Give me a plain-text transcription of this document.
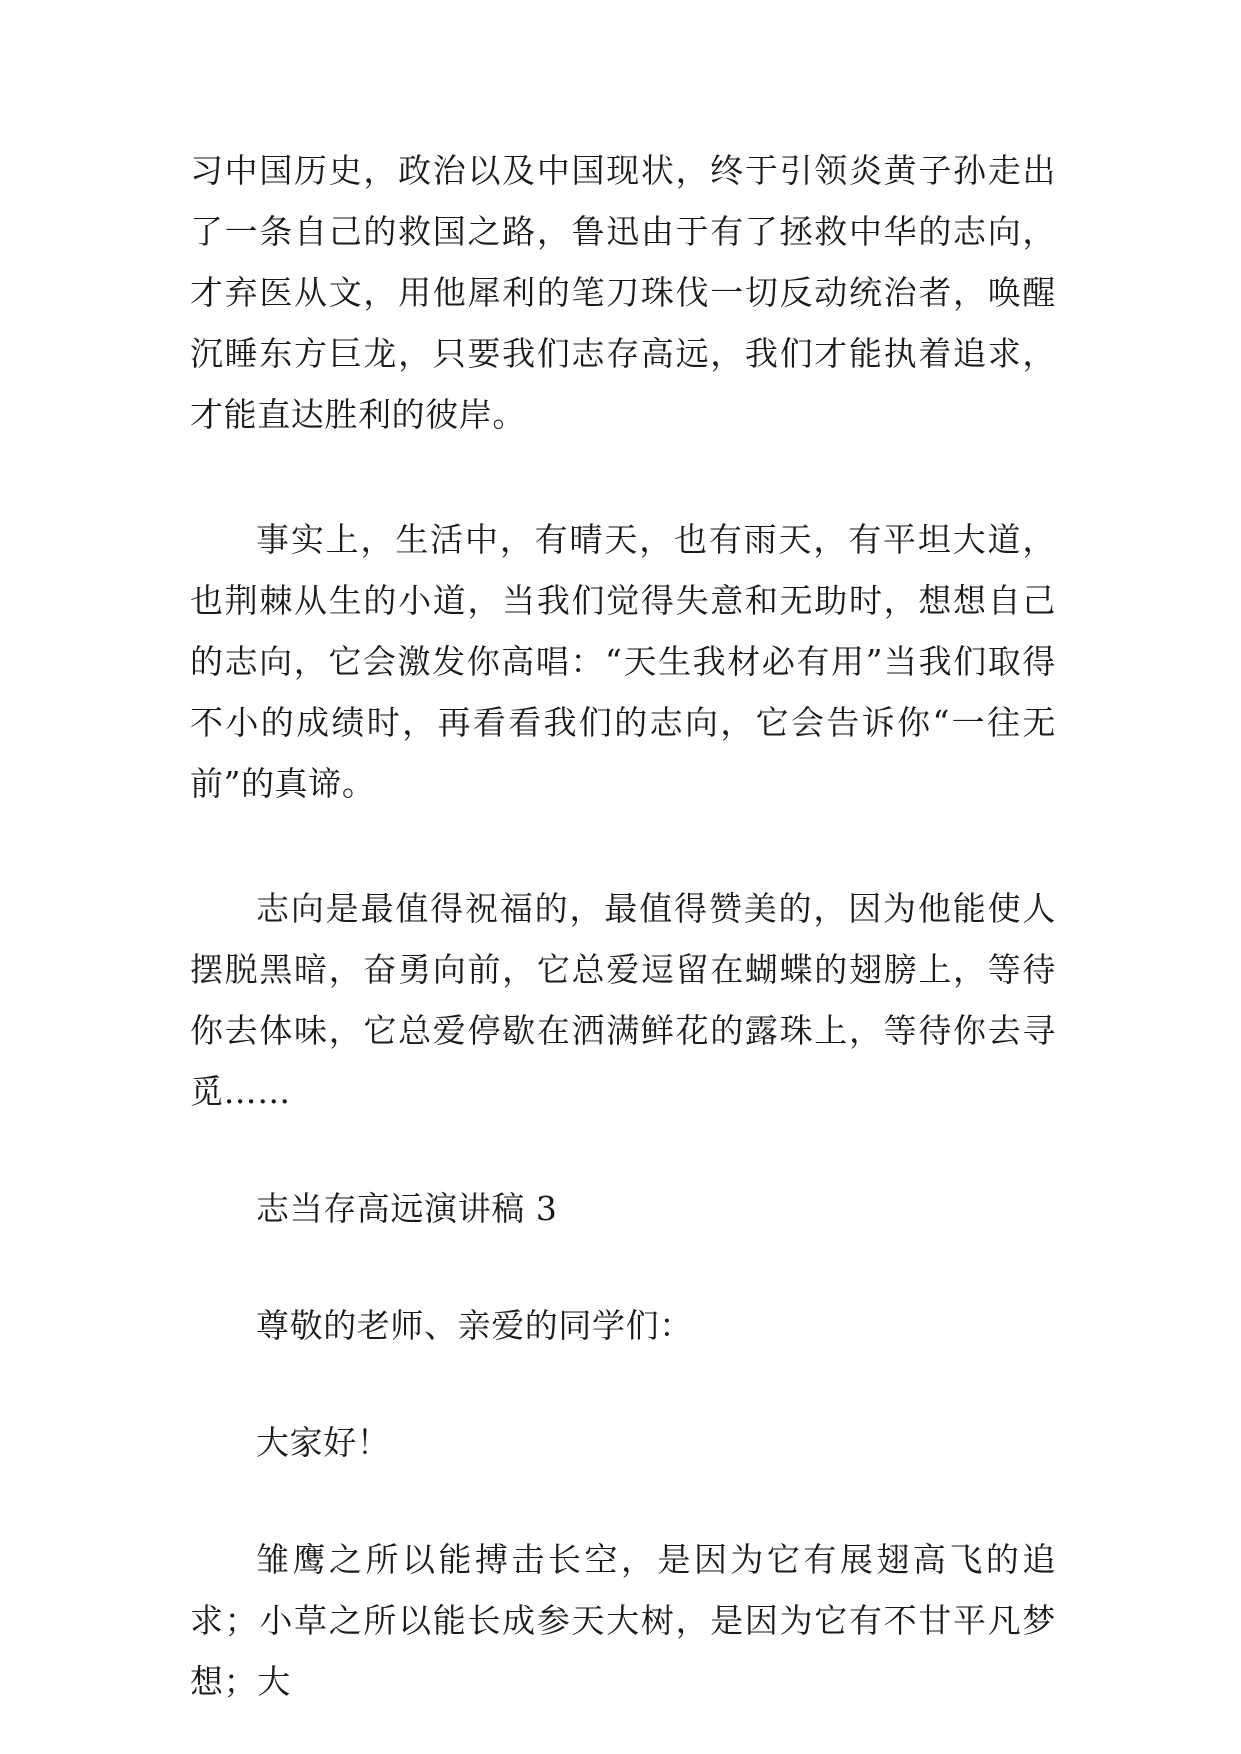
习中国历史，政治以及中国现状，终于引领炎黄子孙走出了一条自己的救国之路，鲁迅由于有了拯救中华的志向，才弃医从文，用他犀利的笔刀珠伐一切反动统治者，唤醒沉睡东方巨龙，只要我们志存高远，我们才能执着追求，才能直达胜利的彼岸。

事实上，生活中，有晴天，也有雨天，有平坦大道，也荆棘从生的小道，当我们觉得失意和无助时，想想自己的志向，它会激发你高唱：“天生我材必有用”当我们取得不小的成绩时，再看看我们的志向，它会告诉你“一往无前”的真谛。

志向是最值得祝福的，最值得赞美的，因为他能使人摆脱黑暗，奋勇向前，它总爱逗留在蝴蝶的翅膀上，等待你去体味，它总爱停歇在洒满鲜花的露珠上，等待你去寻觅……

志当存高远演讲稿 3

尊敬的老师、亲爱的同学们：

大家好！

雏鹰之所以能搏击长空，是因为它有展翅高飞的追求；小草之所以能长成参天大树，是因为它有不甘平凡梦想；大
